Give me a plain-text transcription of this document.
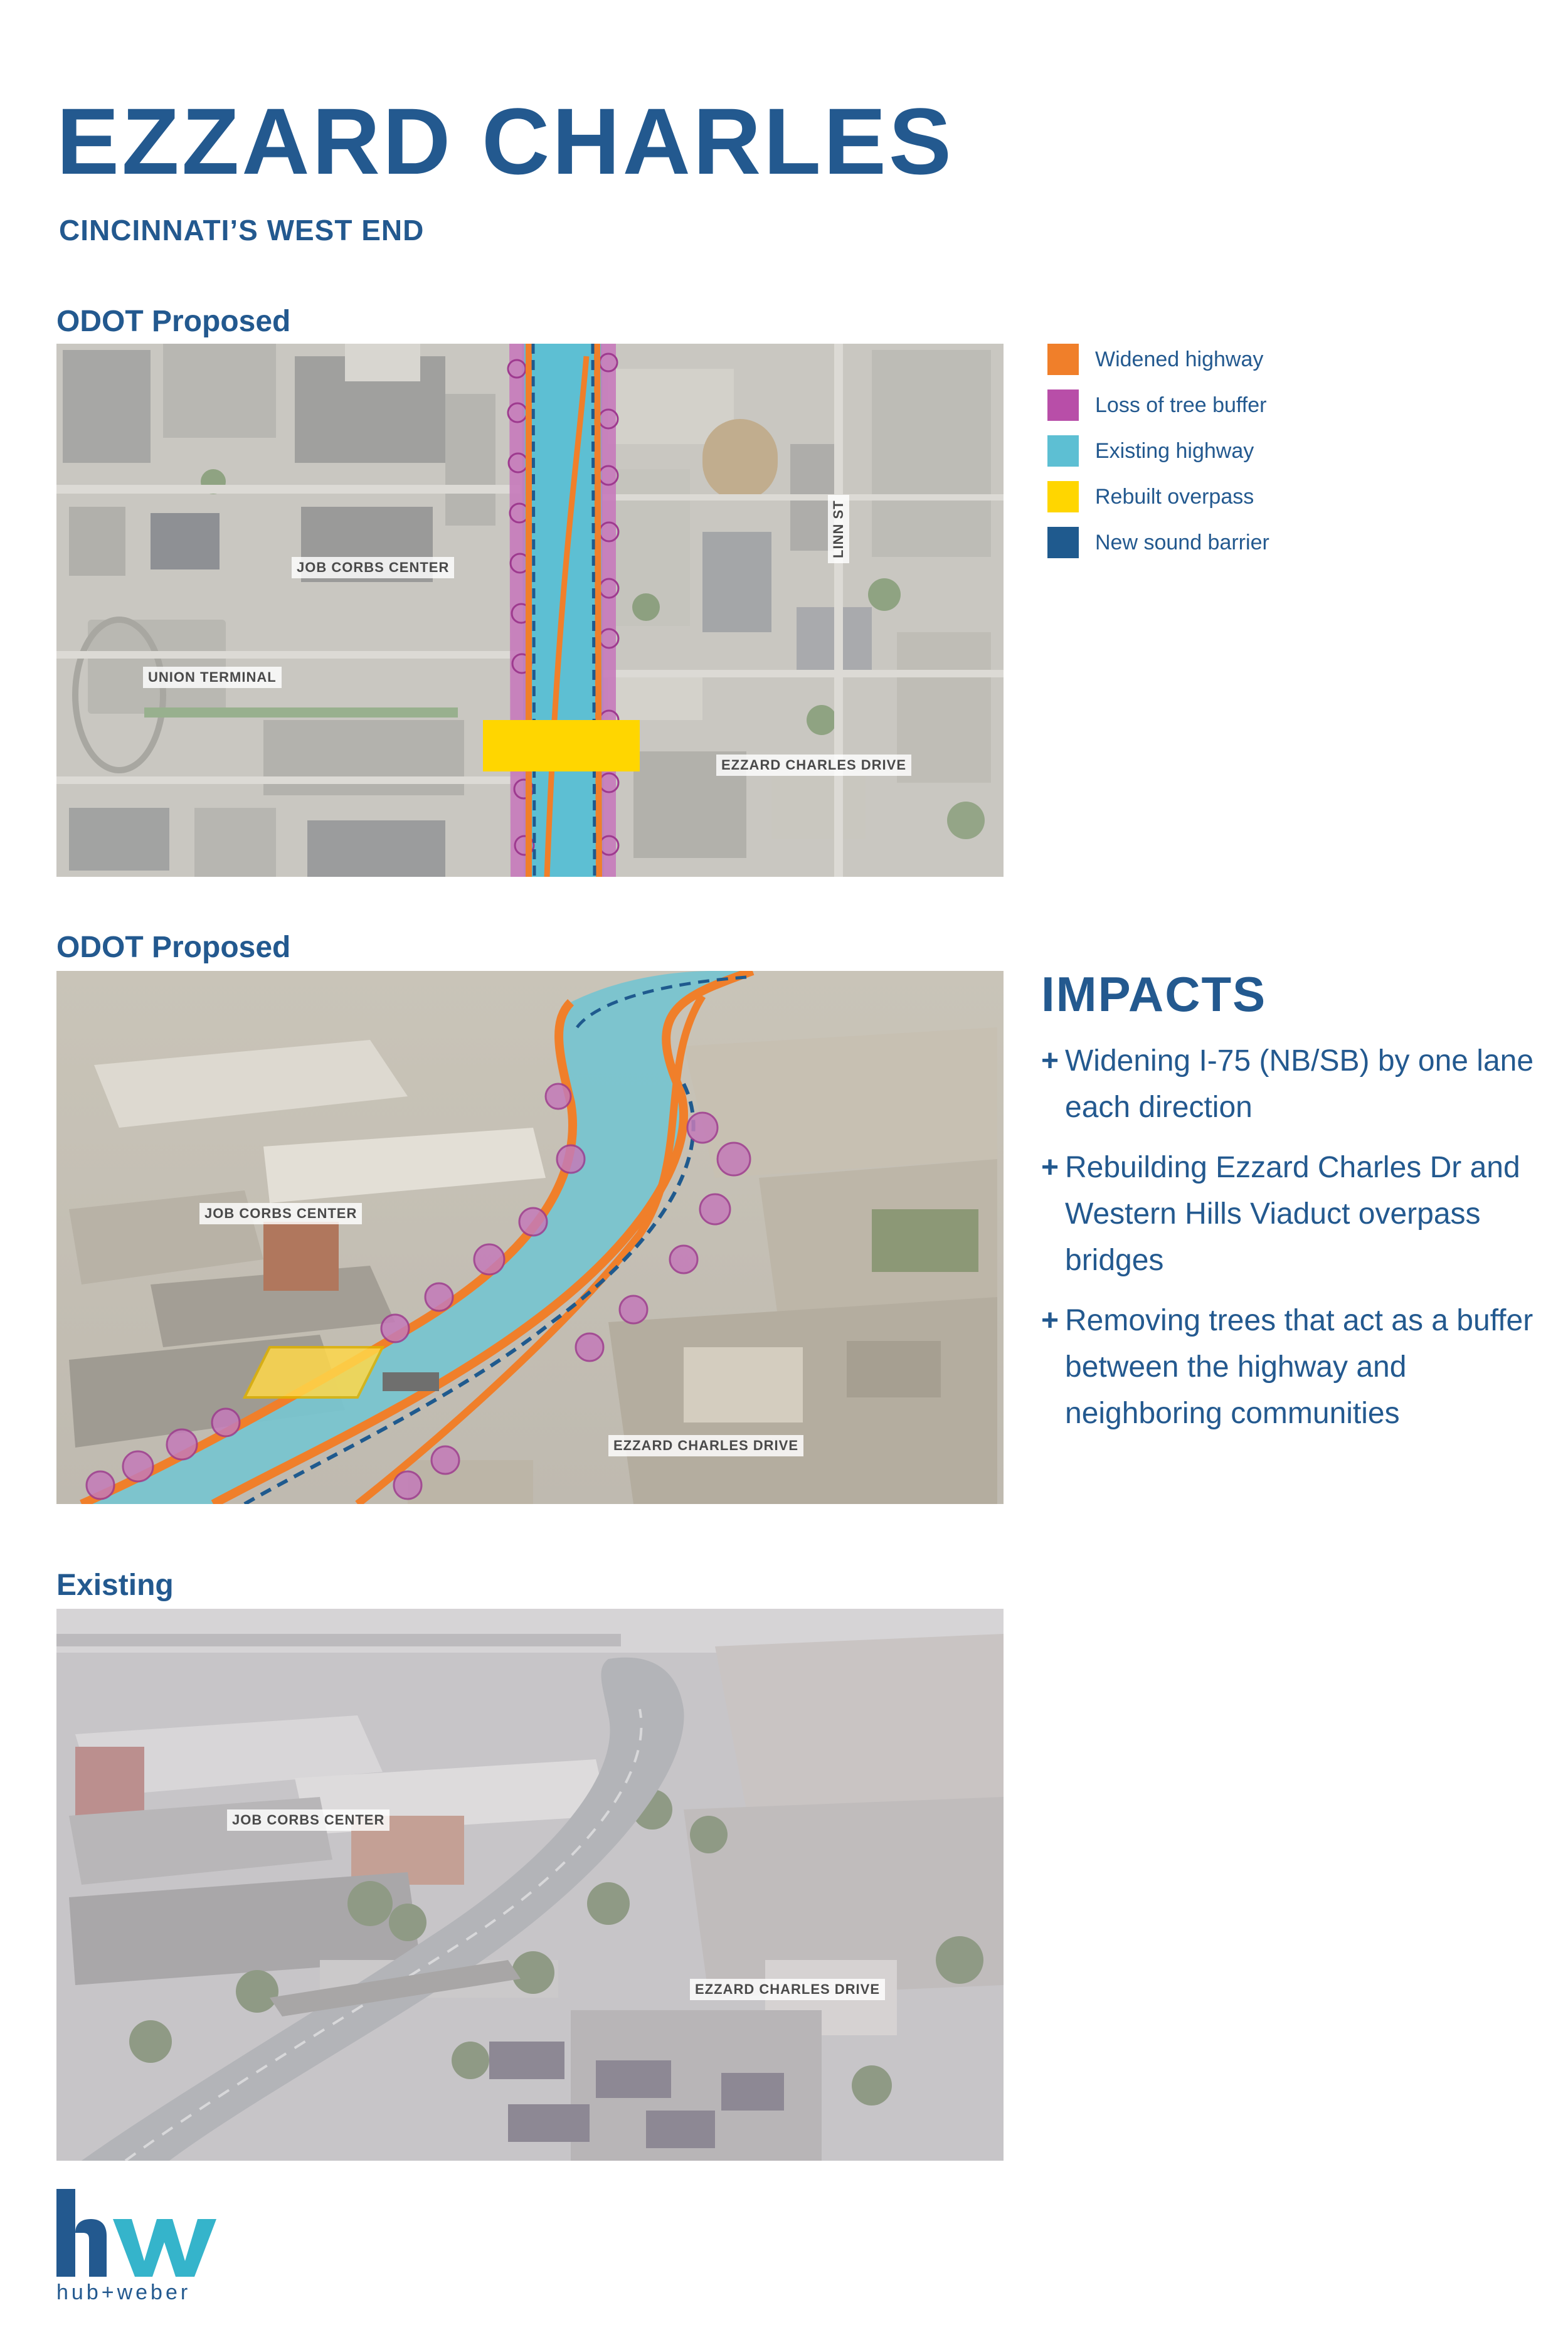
EZZARD CHARLES
CINCINNATI’S WEST END
ODOT Proposed
JOB CORBS CENTER
UNION TERMINAL
LINN ST
EZZARD CHARLES DRIVE
Widened highway
Loss of tree buffer
Existing highway
Rebuilt overpass
New sound barrier
ODOT Proposed
JOB CORBS CENTER
EZZARD CHARLES DRIVE
IMPACTS
+ Widening I-75 (NB/SB) by one lane each direction
+ Rebuilding Ezzard Charles Dr and Western Hills Viaduct overpass bridges
+ Removing trees that act as a buffer between the highway and neighboring communities
Existing
JOB CORBS CENTER
EZZARD CHARLES DRIVE
hub+weber
